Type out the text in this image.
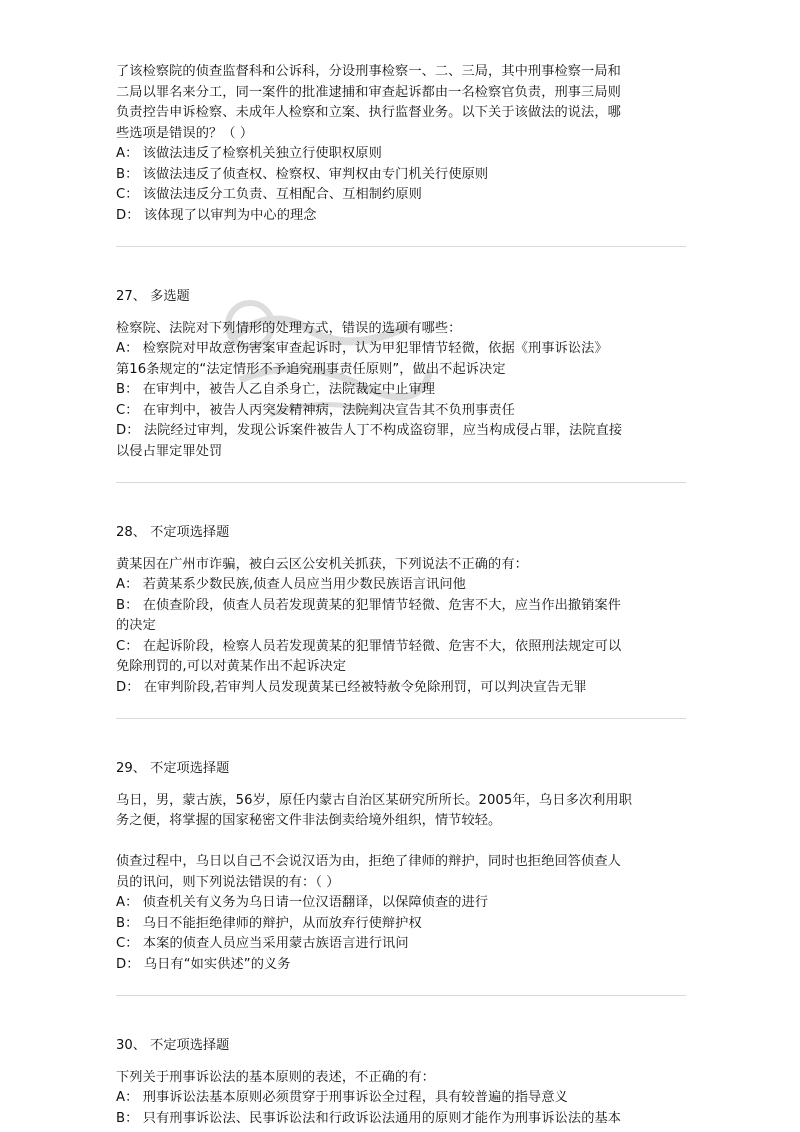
了该检察院的侦查监督科和公诉科，分设刑事检察一、二、三局，其中刑事检察一局和

二局以罪名来分工，同一案件的批准逮捕和审查起诉都由一名检察官负责，刑事三局则

负责控告申诉检察、未成年人检察和立案、执行监督业务。以下关于该做法的说法，哪

些选项是错误的？（ ）

A： 该做法违反了检察机关独立行使职权原则

B： 该做法违反了侦查权、检察权、审判权由专门机关行使原则

C： 该做法违反分工负责、互相配合、互相制约原则

D： 该体现了以审判为中心的理念

27、 多选题

检察院、法院对下列情形的处理方式，错误的选项有哪些：

A： 检察院对甲故意伤害案审查起诉时，认为甲犯罪情节轻微，依据《刑事诉讼法》

第16条规定的“法定情形不予追究刑事责任原则”，做出不起诉决定

B： 在审判中，被告人乙自杀身亡，法院裁定中止审理

C： 在审判中，被告人丙突发精神病，法院判决宣告其不负刑事责任

D： 法院经过审判，发现公诉案件被告人丁不构成盗窃罪，应当构成侵占罪，法院直接

以侵占罪定罪处罚

28、 不定项选择题

黄某因在广州市诈骗，被白云区公安机关抓获，下列说法不正确的有：

A： 若黄某系少数民族,侦查人员应当用少数民族语言讯问他

B： 在侦查阶段，侦查人员若发现黄某的犯罪情节轻微、危害不大，应当作出撤销案件

的决定

C： 在起诉阶段，检察人员若发现黄某的犯罪情节轻微、危害不大，依照刑法规定可以

免除刑罚的,可以对黄某作出不起诉决定

D： 在审判阶段,若审判人员发现黄某已经被特赦令免除刑罚，可以判决宣告无罪

29、 不定项选择题

乌日，男，蒙古族，56岁，原任内蒙古自治区某研究所所长。2005年，乌日多次利用职

务之便，将掌握的国家秘密文件非法倒卖给境外组织，情节较轻。

侦查过程中，乌日以自己不会说汉语为由，拒绝了律师的辩护，同时也拒绝回答侦查人

员的讯问，则下列说法错误的有：（ ）

A： 侦查机关有义务为乌日请一位汉语翻译，以保障侦查的进行

B： 乌日不能拒绝律师的辩护，从而放弃行使辩护权

C： 本案的侦查人员应当采用蒙古族语言进行讯问

D： 乌日有“如实供述”的义务

30、 不定项选择题

下列关于刑事诉讼法的基本原则的表述，不正确的有：

A： 刑事诉讼法基本原则必须贯穿于刑事诉讼全过程，具有较普遍的指导意义

B： 只有刑事诉讼法、民事诉讼法和行政诉讼法通用的原则才能作为刑事诉讼法的基本
